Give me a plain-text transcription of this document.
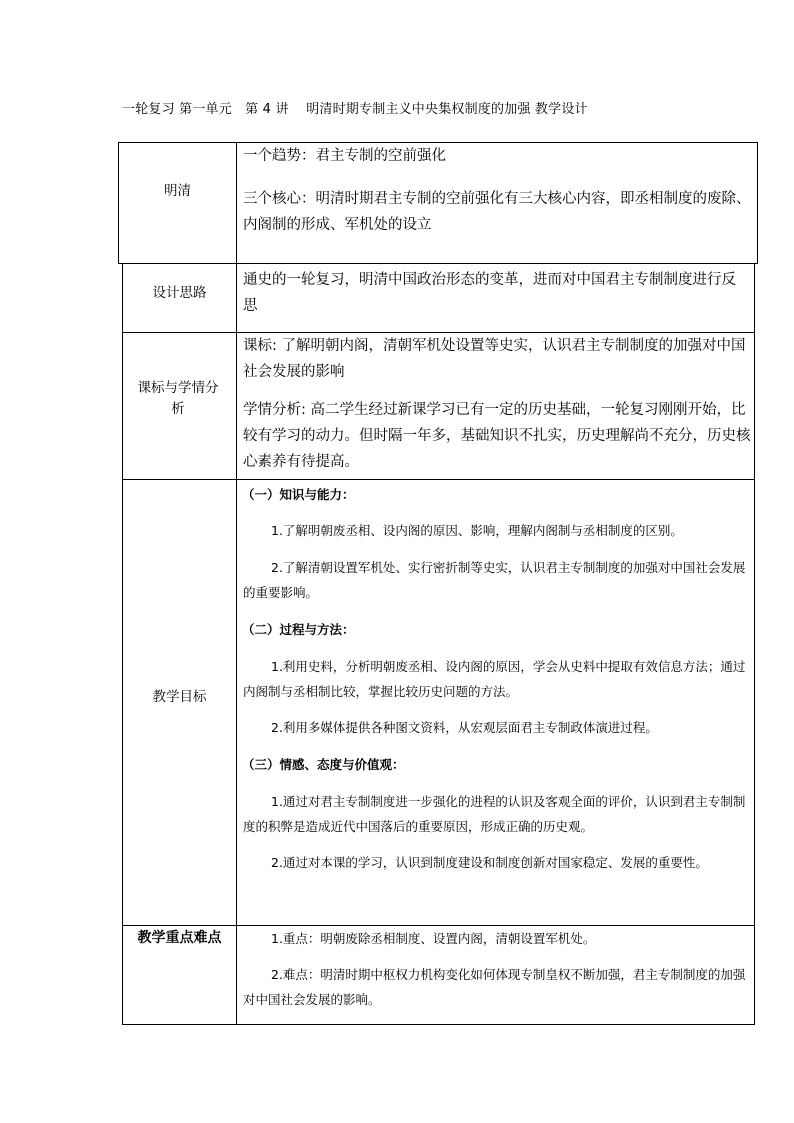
一轮复习 第一单元　第 4 讲　 明清时期专制主义中央集权制度的加强 教学设计
明清
一个趋势：君主专制的空前强化
三个核心：明清时期君主专制的空前强化有三大核心内容，即丞相制度的废除、内阁制的形成、军机处的设立
设计思路
通史的一轮复习，明清中国政治形态的变革，进而对中国君主专制制度进行反思
课标与学情分析
课标: 了解明朝内阁，清朝军机处设置等史实，认识君主专制制度的加强对中国社会发展的影响
学情分析: 高二学生经过新课学习已有一定的历史基础，一轮复习刚刚开始，比较有学习的动力。但时隔一年多，基础知识不扎实，历史理解尚不充分，历史核心素养有待提高。
教学目标
（一）知识与能力：
1.了解明朝废丞相、设内阁的原因、影响，理解内阁制与丞相制度的区别。
2.了解清朝设置军机处、实行密折制等史实，认识君主专制制度的加强对中国社会发展的重要影响。
（二）过程与方法：
1.利用史料，分析明朝废丞相、设内阁的原因，学会从史料中提取有效信息方法；通过内阁制与丞相制比较，掌握比较历史问题的方法。
2.利用多媒体提供各种图文资料，从宏观层面君主专制政体演进过程。
（三）情感、态度与价值观：
1.通过对君主专制制度进一步强化的进程的认识及客观全面的评价，认识到君主专制制度的积弊是造成近代中国落后的重要原因，形成正确的历史观。
2.通过对本课的学习，认识到制度建设和制度创新对国家稳定、发展的重要性。
教学重点难点	1.重点：明朝废除丞相制度、设置内阁，清朝设置军机处。
2.难点：明清时期中枢权力机构变化如何体现专制皇权不断加强，君主专制制度的加强对中国社会发展的影响。
